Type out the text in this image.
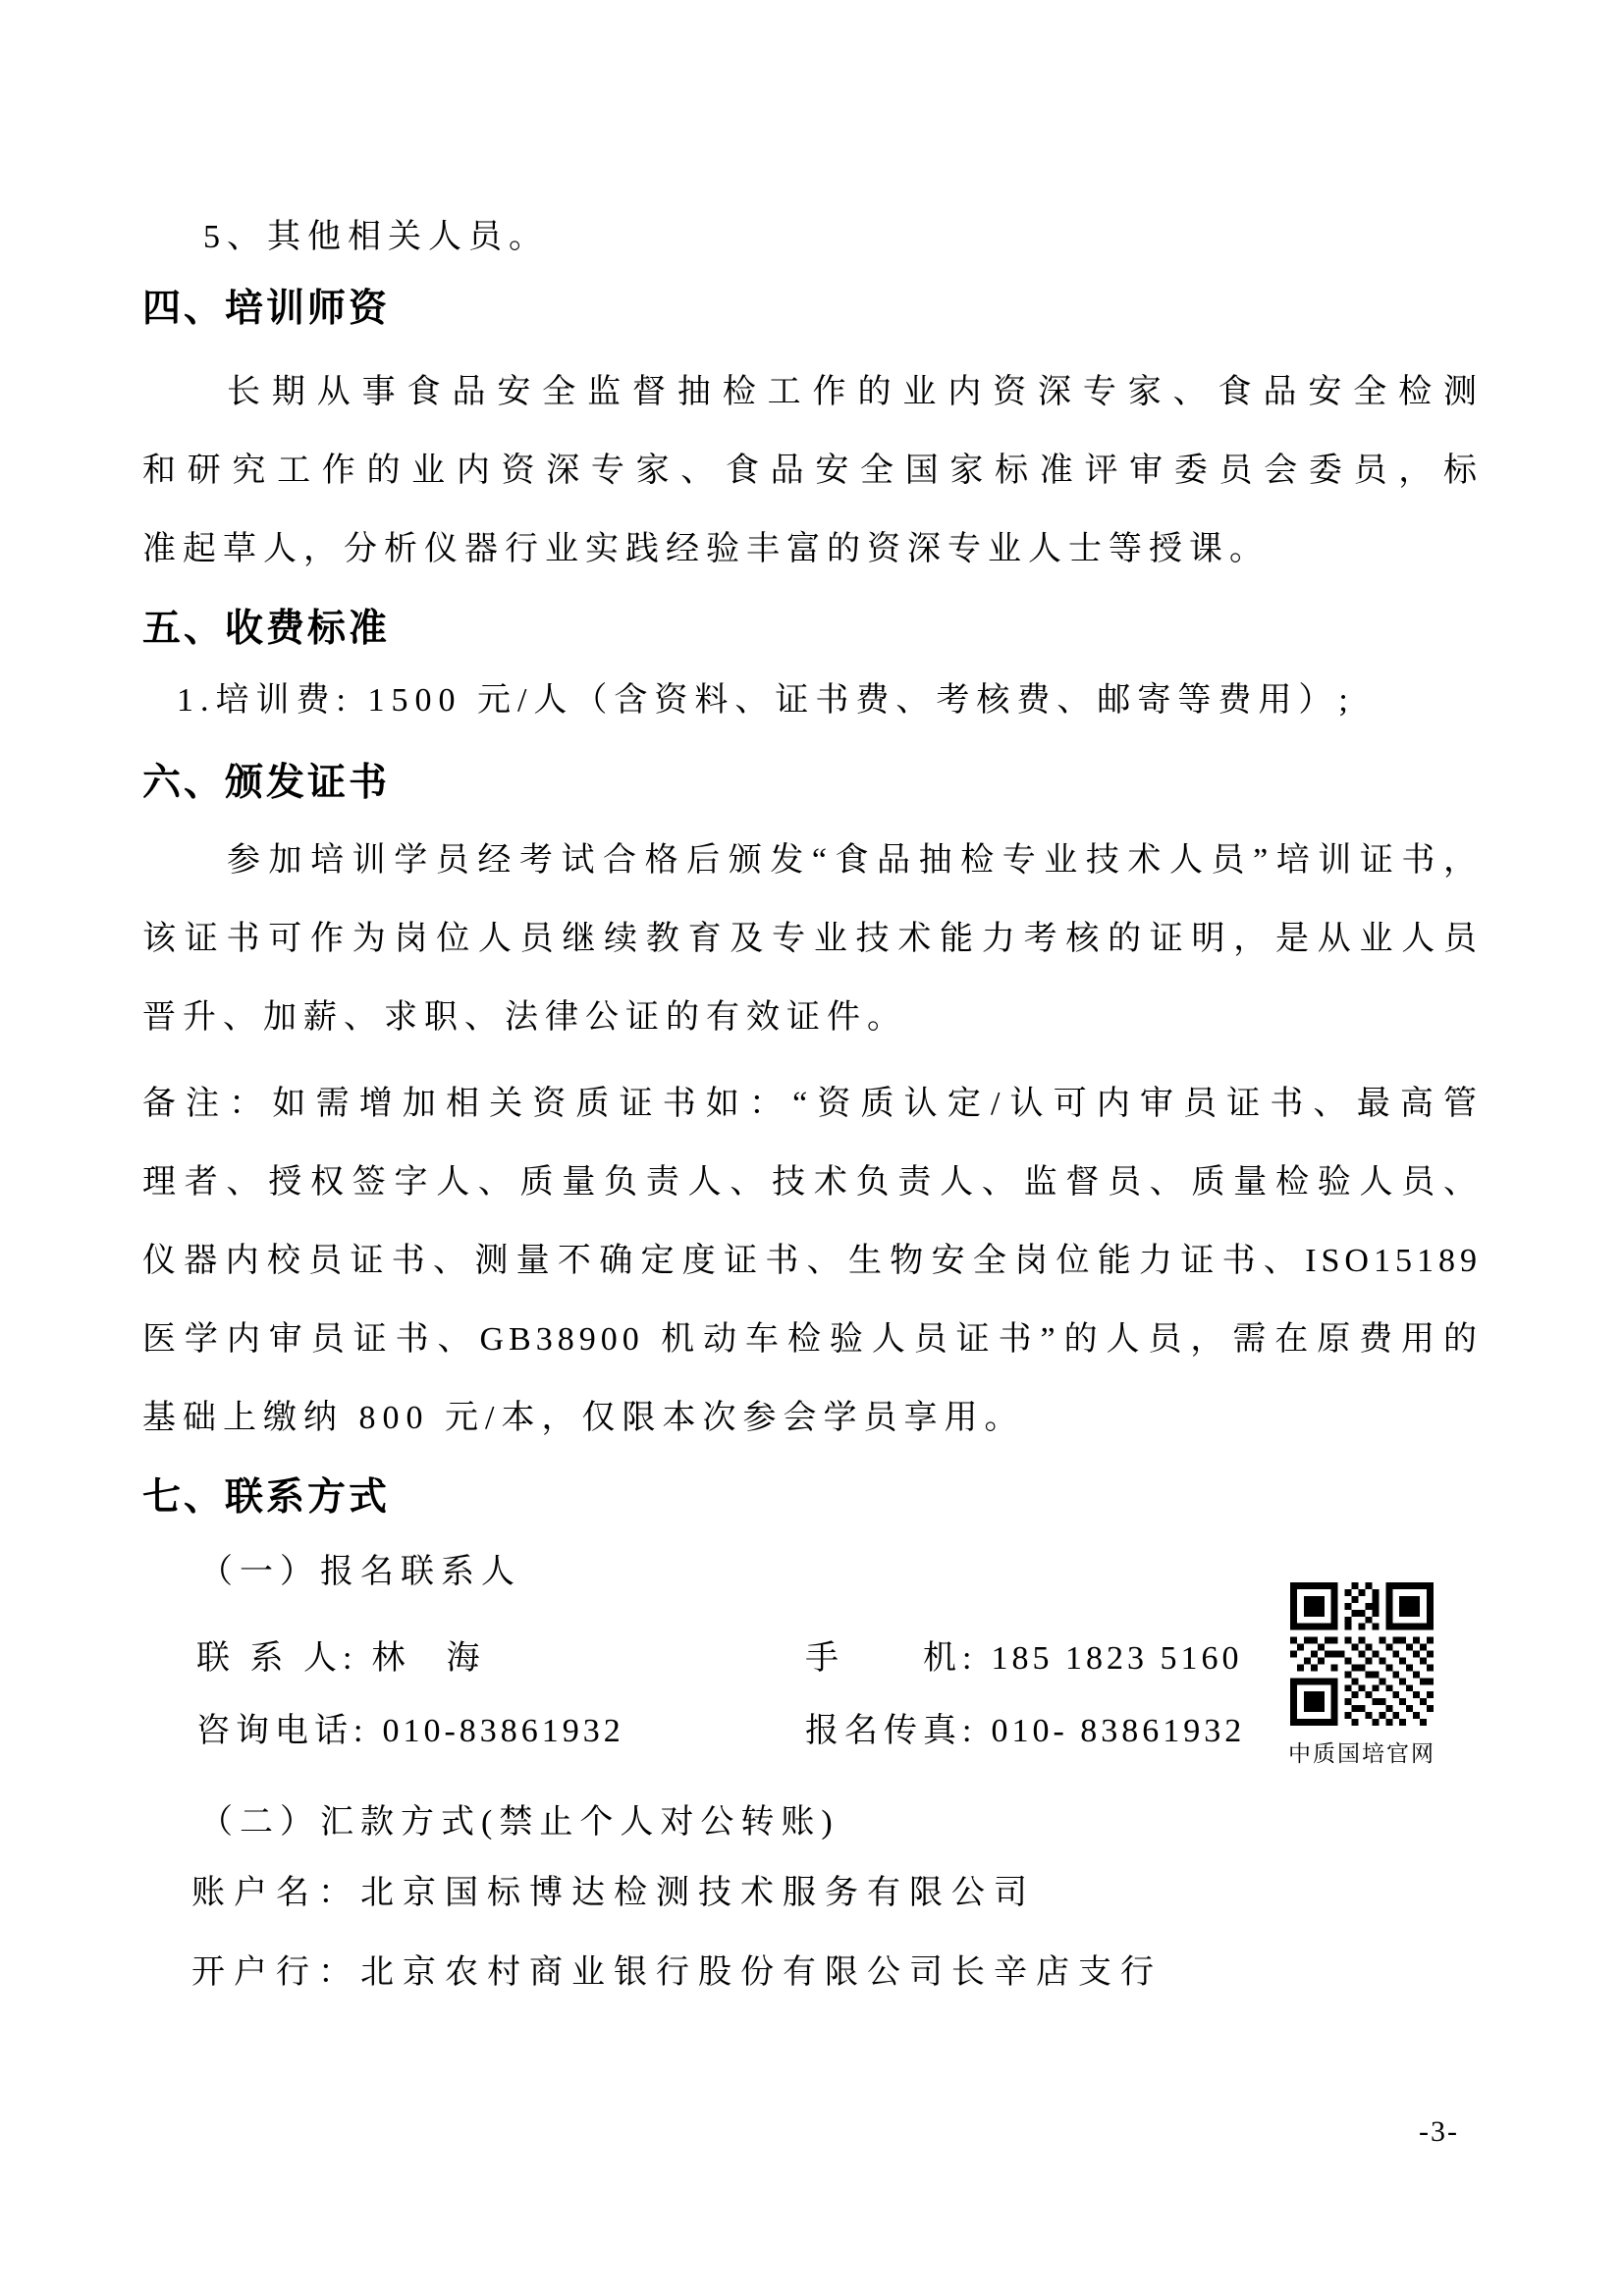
5、其他相关人员。
四、培训师资
长期从事食品安全监督抽检工作的业内资深专家、食品安全检测
和研究工作的业内资深专家、食品安全国家标准评审委员会委员，标
准起草人，分析仪器行业实践经验丰富的资深专业人士等授课。
五、收费标准
1.培训费: 1500 元/人（含资料、证书费、考核费、邮寄等费用）;
六、颁发证书
参加培训学员经考试合格后颁发“食品抽检专业技术人员”培训证书，
该证书可作为岗位人员继续教育及专业技术能力考核的证明，是从业人员
晋升、加薪、求职、法律公证的有效证件。
备注：如需增加相关资质证书如：“资质认定/认可内审员证书、最高管
理者、授权签字人、质量负责人、技术负责人、监督员、质量检验人员、
仪器内校员证书、测量不确定度证书、生物安全岗位能力证书、ISO15189
医学内审员证书、GB38900 机动车检验人员证书”的人员，需在原费用的
基础上缴纳 800 元/本，仅限本次参会学员享用。
七、联系方式
（一）报名联系人
联 系 人: 林　海	手　　机: 185 1823 5160
咨询电话: 010-83861932	报名传真: 010- 83861932
（二）汇款方式(禁止个人对公转账)
账户名：北京国标博达检测技术服务有限公司
开户行：北京农村商业银行股份有限公司长辛店支行
中质国培官网
-3-
